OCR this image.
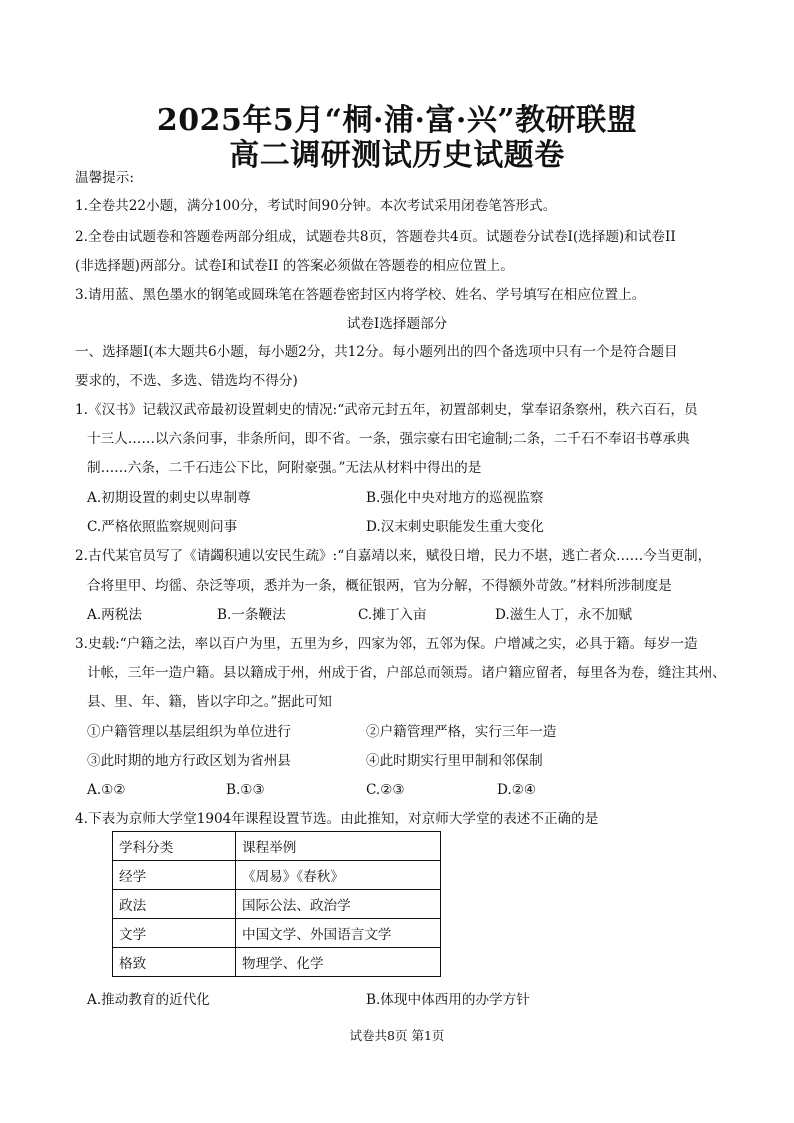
2025年5月“桐·浦·富·兴”教研联盟
高二调研测试历史试题卷
温馨提示:
1.全卷共22小题，满分100分，考试时间90分钟。本次考试采用闭卷笔答形式。
2.全卷由试题卷和答题卷两部分组成，试题卷共8页，答题卷共4页。试题卷分试卷I(选择题)和试卷II
(非选择题)两部分。试卷I和试卷II 的答案必须做在答题卷的相应位置上。
3.请用蓝、黑色墨水的钢笔或圆珠笔在答题卷密封区内将学校、姓名、学号填写在相应位置上。
试卷Ⅰ选择题部分
一、选择题Ⅰ(本大题共6小题，每小题2分，共12分。每小题列出的四个备选项中只有一个是符合题目
要求的，不选、多选、错选均不得分)
1.《汉书》记载汉武帝最初设置刺史的情况:“武帝元封五年，初置部刺史，掌奉诏条察州，秩六百石，员
十三人……以六条问事，非条所问，即不省。一条，强宗豪右田宅逾制;二条，二千石不奉诏书尊承典
制……六条，二千石违公下比，阿附豪强。”无法从材料中得出的是
A.初期设置的刺史以卑制尊	B.强化中央对地方的巡视监察
C.严格依照监察规则问事	D.汉末刺史职能发生重大变化
2.古代某官员写了《请蠲积逋以安民生疏》:“自嘉靖以来，赋役日增，民力不堪，逃亡者众……今当更制，
合将里甲、均徭、杂泛等项，悉并为一条，概征银两，官为分解，不得额外苛敛。”材料所涉制度是
A.两税法	B.一条鞭法	C.摊丁入亩	D.滋生人丁，永不加赋
3.史载:“户籍之法，率以百户为里，五里为乡，四家为邻，五邻为保。户增减之实，必具于籍。每岁一造
计帐，三年一造户籍。县以籍成于州，州成于省，户部总而领焉。诸户籍应留者，每里各为卷，缝注其州、
县、里、年、籍，皆以字印之。”据此可知
①户籍管理以基层组织为单位进行	②户籍管理严格，实行三年一造
③此时期的地方行政区划为省州县	④此时期实行里甲制和邻保制
A.①②	B.①③	C.②③	D.②④
4.下表为京师大学堂1904年课程设置节选。由此推知，对京师大学堂的表述不正确的是
学科分类	课程举例
经学	《周易》《春秋》
政法	国际公法、政治学
文学	中国文学、外国语言文学
格致	物理学、化学
A.推动教育的近代化	B.体现中体西用的办学方针
试卷共8页 第1页
